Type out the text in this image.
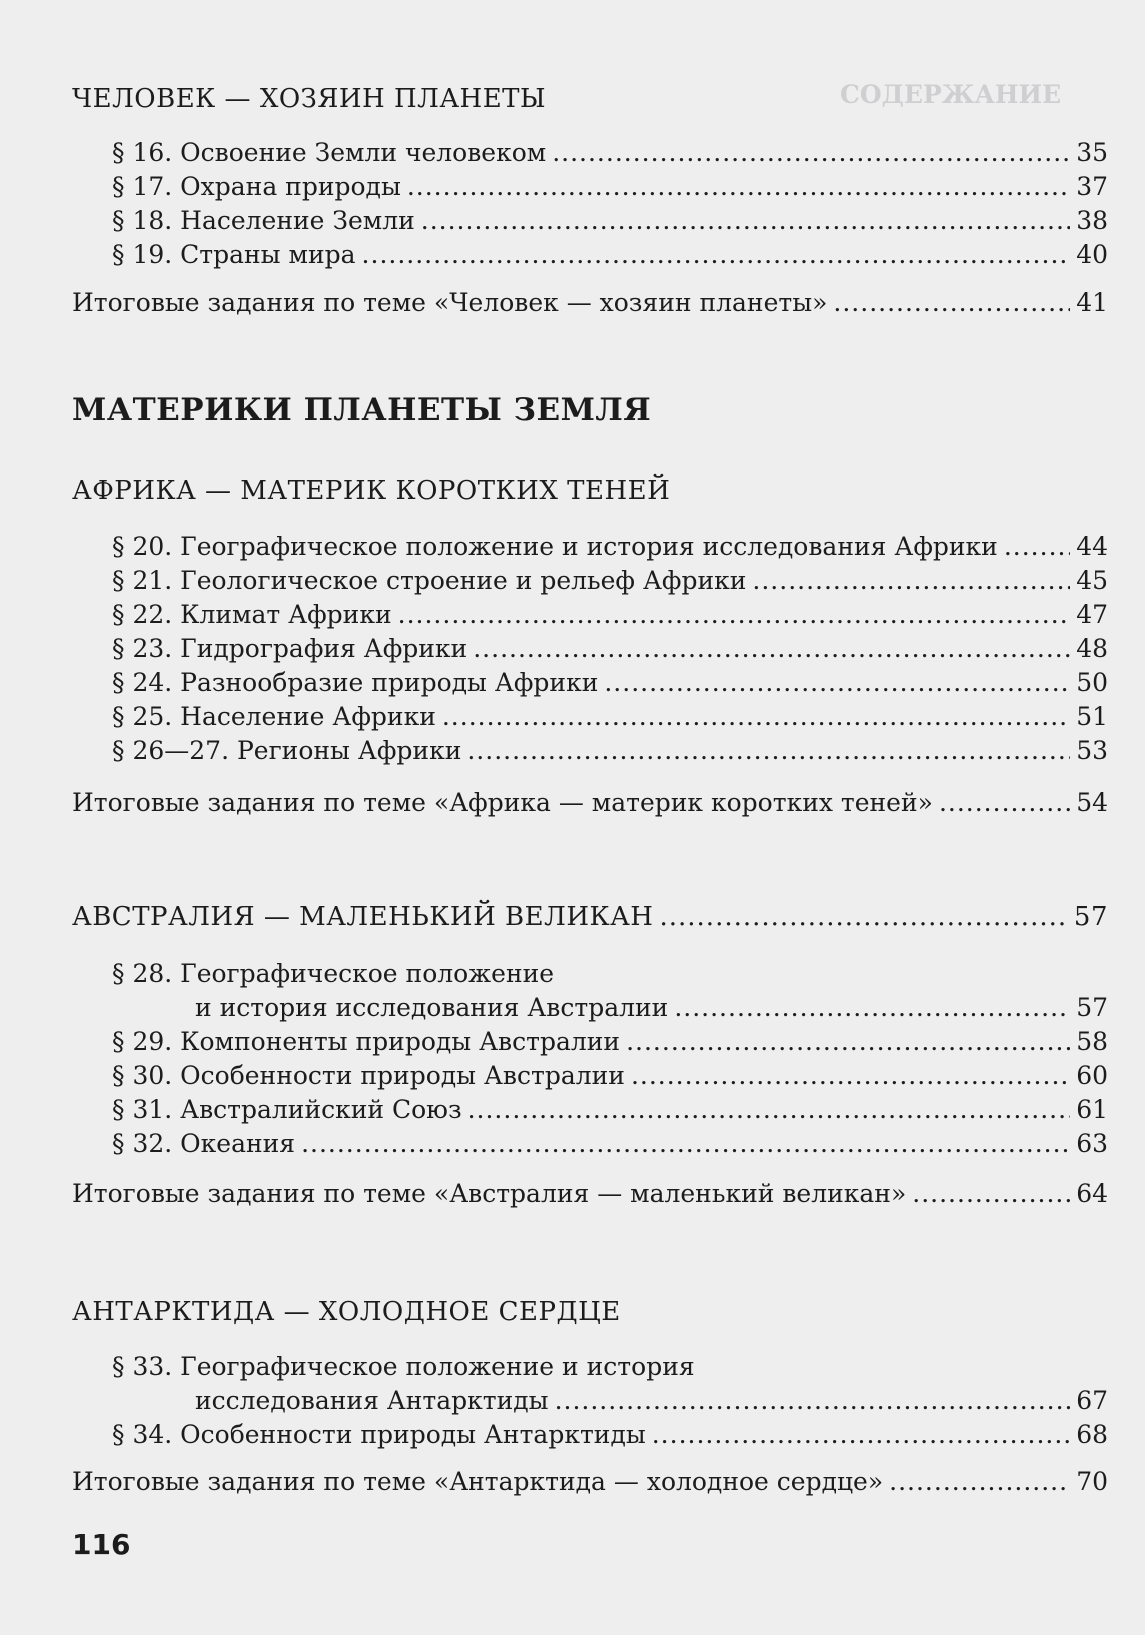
СОДЕРЖАНИЕ
ЧЕЛОВЕК — ХОЗЯИН ПЛАНЕТЫ
§ 16. Освоение Земли человеком .....	35
§ 17. Охрана природы .....	37
§ 18. Население Земли .....	38
§ 19. Страны мира .....	40
Итоговые задания по теме «Человек — хозяин планеты» .....	41
МАТЕРИКИ ПЛАНЕТЫ ЗЕМЛЯ
АФРИКА — МАТЕРИК КОРОТКИХ ТЕНЕЙ
§ 20. Географическое положение и история исследования Африки .....	44
§ 21. Геологическое строение и рельеф Африки .....	45
§ 22. Климат Африки .....	47
§ 23. Гидрография Африки .....	48
§ 24. Разнообразие природы Африки .....	50
§ 25. Население Африки .....	51
§ 26—27. Регионы Африки .....	53
Итоговые задания по теме «Африка — материк коротких теней» .....	54
АВСТРАЛИЯ — МАЛЕНЬКИЙ ВЕЛИКАН .....	57
§ 28. Географическое положение
и история исследования Австралии .....	57
§ 29. Компоненты природы Австралии .....	58
§ 30. Особенности природы Австралии .....	60
§ 31. Австралийский Союз .....	61
§ 32. Океания .....	63
Итоговые задания по теме «Австралия — маленький великан» .....	64
АНТАРКТИДА — ХОЛОДНОЕ СЕРДЦЕ
§ 33. Географическое положение и история
исследования Антарктиды .....	67
§ 34. Особенности природы Антарктиды .....	68
Итоговые задания по теме «Антарктида — холодное сердце» .....	70
116
